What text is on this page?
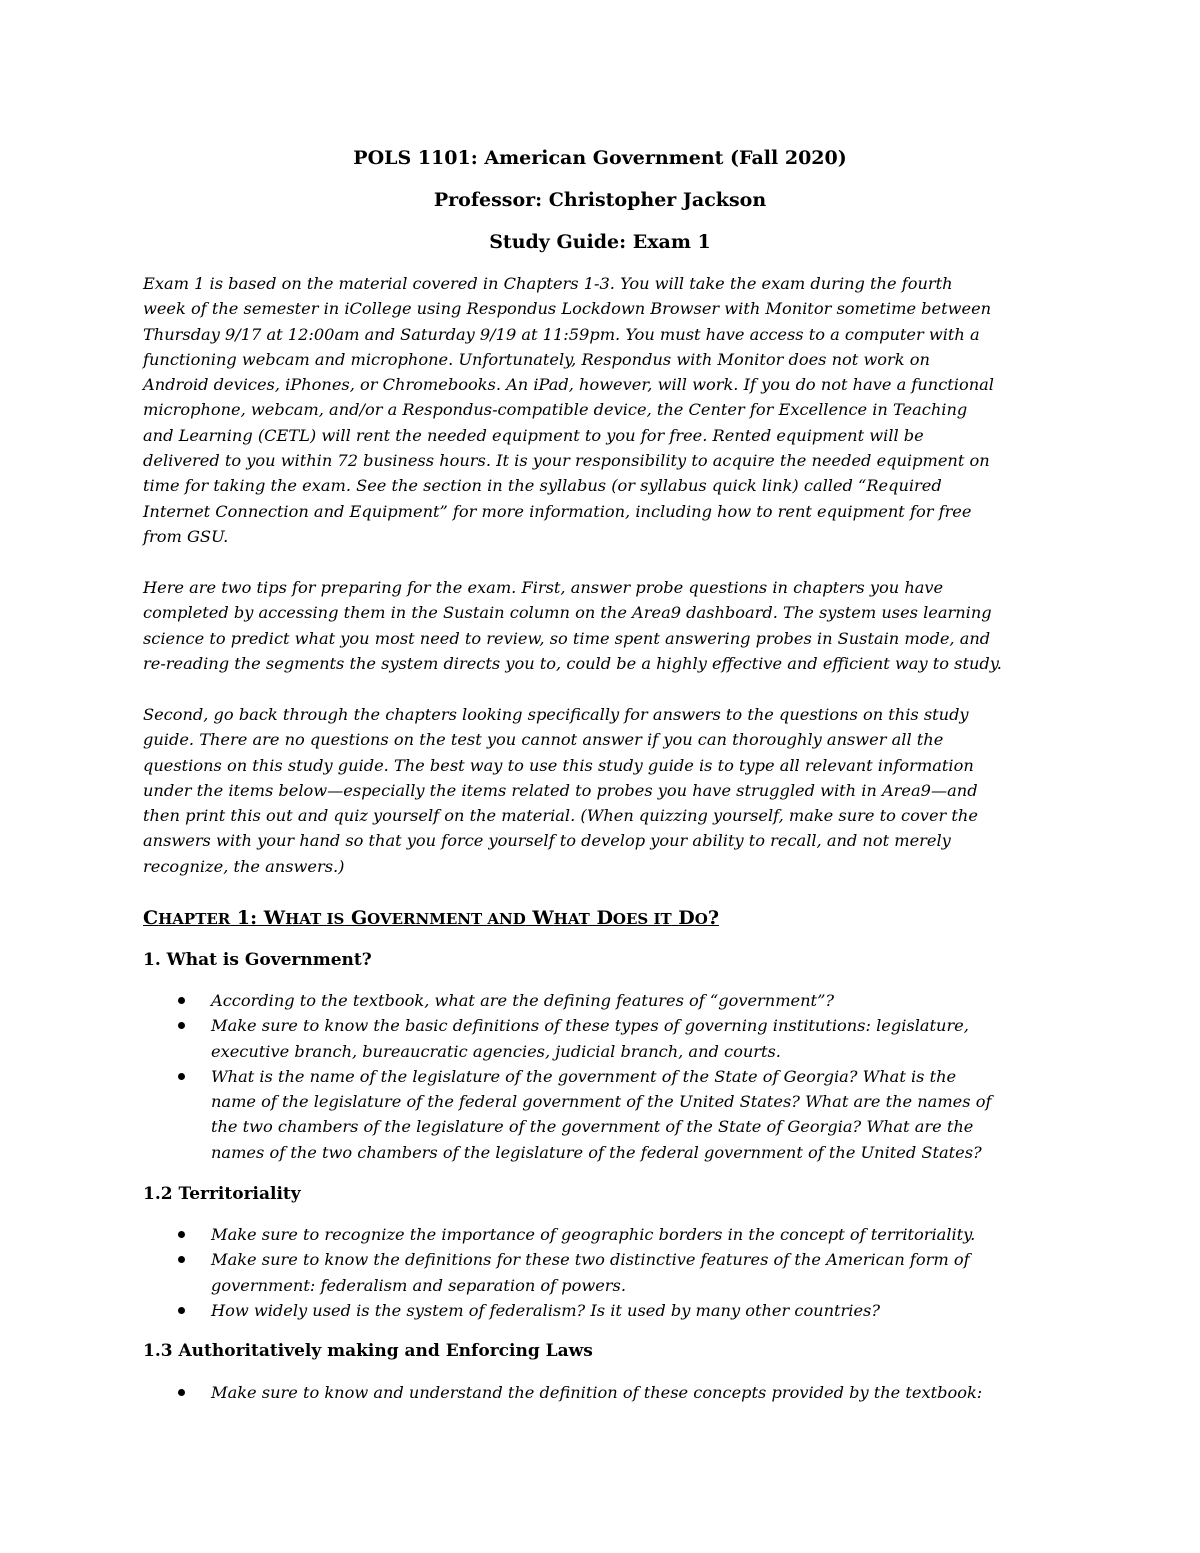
POLS 1101: American Government (Fall 2020)
Professor: Christopher Jackson
Study Guide: Exam 1
Exam 1 is based on the material covered in Chapters 1-3. You will take the exam during the fourth
week of the semester in iCollege using Respondus Lockdown Browser with Monitor sometime between
Thursday 9/17 at 12:00am and Saturday 9/19 at 11:59pm. You must have access to a computer with a
functioning webcam and microphone. Unfortunately, Respondus with Monitor does not work on
Android devices, iPhones, or Chromebooks. An iPad, however, will work. If you do not have a functional
microphone, webcam, and/or a Respondus-compatible device, the Center for Excellence in Teaching
and Learning (CETL) will rent the needed equipment to you for free. Rented equipment will be
delivered to you within 72 business hours. It is your responsibility to acquire the needed equipment on
time for taking the exam. See the section in the syllabus (or syllabus quick link) called “Required
Internet Connection and Equipment” for more information, including how to rent equipment for free
from GSU.
Here are two tips for preparing for the exam. First, answer probe questions in chapters you have
completed by accessing them in the Sustain column on the Area9 dashboard. The system uses learning
science to predict what you most need to review, so time spent answering probes in Sustain mode, and
re-reading the segments the system directs you to, could be a highly effective and efficient way to study.
Second, go back through the chapters looking specifically for answers to the questions on this study
guide. There are no questions on the test you cannot answer if you can thoroughly answer all the
questions on this study guide. The best way to use this study guide is to type all relevant information
under the items below—especially the items related to probes you have struggled with in Area9—and
then print this out and quiz yourself on the material. (When quizzing yourself, make sure to cover the
answers with your hand so that you force yourself to develop your ability to recall, and not merely
recognize, the answers.)
CHAPTER 1: WHAT IS GOVERNMENT AND WHAT DOES IT DO?
1. What is Government?
According to the textbook, what are the defining features of “government”?
Make sure to know the basic definitions of these types of governing institutions: legislature,
executive branch, bureaucratic agencies, judicial branch, and courts.
What is the name of the legislature of the government of the State of Georgia? What is the
name of the legislature of the federal government of the United States? What are the names of
the two chambers of the legislature of the government of the State of Georgia? What are the
names of the two chambers of the legislature of the federal government of the United States?
1.2 Territoriality
Make sure to recognize the importance of geographic borders in the concept of territoriality.
Make sure to know the definitions for these two distinctive features of the American form of
government: federalism and separation of powers.
How widely used is the system of federalism? Is it used by many other countries?
1.3 Authoritatively making and Enforcing Laws
Make sure to know and understand the definition of these concepts provided by the textbook:
